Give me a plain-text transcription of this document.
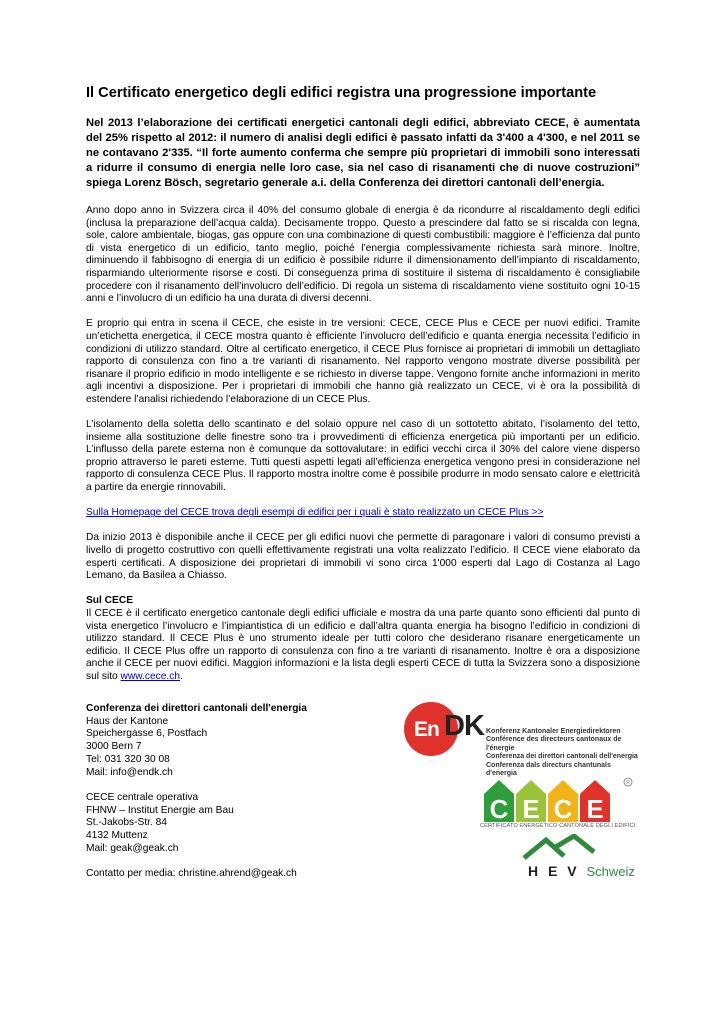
Il Certificato energetico degli edifici registra una progressione importante

Nel 2013 l’elaborazione dei certificati energetici cantonali degli edifici, abbreviato CECE, è aumentata del 25% rispetto al 2012: il numero di analisi degli edifici è passato infatti da 3'400 a 4'300, e nel 2011 se ne contavano 2'335. “Il forte aumento conferma che sempre più proprietari di immobili sono interessati a ridurre il consumo di energia nelle loro case, sia nel caso di risanamenti che di nuove costruzioni” spiega Lorenz Bösch, segretario generale a.i. della Conferenza dei direttori cantonali dell’energia.

Anno dopo anno in Svizzera circa il 40% del consumo globale di energia è da ricondurre al riscaldamento degli edifici (inclusa la preparazione dell’acqua calda). Decisamente troppo. Questo a prescindere dal fatto se si riscalda con legna, sole, calore ambientale, biogas, gas oppure con una combinazione di questi combustibili: maggiore è l’efficienza dal punto di vista energetico di un edificio, tanto meglio, poiché l’energia complessivamente richiesta sarà minore. Inoltre, diminuendo il fabbisogno di energia di un edificio è possibile ridurre il dimensionamento dell’impianto di riscaldamento, risparmiando ulteriormente risorse e costi. Di conseguenza prima di sostituire il sistema di riscaldamento è consigliabile procedere con il risanamento dell’involucro dell’edificio. Di regola un sistema di riscaldamento viene sostituito ogni 10-15 anni e l’involucro di un edificio ha una durata di diversi decenni.

E proprio qui entra in scena il CECE, che esiste in tre versioni: CECE, CECE Plus e CECE per nuovi edifici. Tramite un’etichetta energetica, il CECE mostra quanto è efficiente l’involucro dell’edificio e quanta energia necessita l’edificio in condizioni di utilizzo standard. Oltre al certificato energetico, il CECE Plus fornisce ai proprietari di immobili un dettagliato rapporto di consulenza con fino a tre varianti di risanamento. Nel rapporto vengono mostrate diverse possibilità per risanare il proprio edificio in modo intelligente e se richiesto in diverse tappe. Vengono fornite anche informazioni in merito agli incentivi a disposizione. Per i proprietari di immobili che hanno già realizzato un CECE, vi è ora la possibilità di estendere l’analisi richiedendo l’elaborazione di un CECE Plus.

L’isolamento della soletta dello scantinato e del solaio oppure nel caso di un sottotetto abitato, l’isolamento del tetto, insieme alla sostituzione delle finestre sono tra i provvedimenti di efficienza energetica più importanti per un edificio. L’influsso della parete esterna non è comunque da sottovalutare: in edifici vecchi circa il 30% del calore viene disperso proprio attraverso le pareti esterne. Tutti questi aspetti legati all’efficienza energetica vengono presi in considerazione nel rapporto di consulenza CECE Plus. Il rapporto mostra inoltre come è possibile produrre in modo sensato calore e elettricità a partire da energie rinnovabili.

Sulla Homepage del CECE trova degli esempi di edifici per i quali è stato realizzato un CECE Plus >>

Da inizio 2013 è disponibile anche il CECE per gli edifici nuovi che permette di paragonare i valori di consumo previsti a livello di progetto costruttivo con quelli effettivamente registrati una volta realizzato l’edificio. Il CECE viene elaborato da esperti certificati. A disposizione dei proprietari di immobili vi sono circa 1'000 esperti dal Lago di Costanza al Lago Lemano, da Basilea a Chiasso.

Sul CECE

Il CECE è il certificato energetico cantonale degli edifici ufficiale e mostra da una parte quanto sono efficienti dal punto di vista energetico l’involucro e l’impiantistica di un edificio e dall’altra quanta energia ha bisogno l’edificio in condizioni di utilizzo standard. Il CECE Plus è uno strumento ideale per tutti coloro che desiderano risanare energeticamente un edificio. Il CECE Plus offre un rapporto di consulenza con fino a tre varianti di risanamento. Inoltre è ora a disposizione anche il CECE per nuovi edifici. Maggiori informazioni e la lista degli esperti CECE di tutta la Svizzera sono a disposizione sul sito www.cece.ch.

Conferenza dei direttori cantonali dell'energia
Haus der Kantone
Speichergasse 6, Postfach
3000 Bern 7
Tel: 031 320 30 08
Mail: info@endk.ch
CECE centrale operativa
FHNW – Institut Energie am Bau
St.-Jakobs-Str. 84
4132 Muttenz
Mail: geak@geak.ch
Contatto per media: christine.ahrend@geak.ch
En DK Konferenz Kantonaler Energiedirektoren
Conférence des directeurs cantonaux de l'énergie
Conferenza dei direttori cantonali dell'energia
Conferenza dals directurs chantunals d'energia
C E C E
R
CERTIFICATO ENERGETICO CANTONALE DEGLI EDIFICI
H E V Schweiz
